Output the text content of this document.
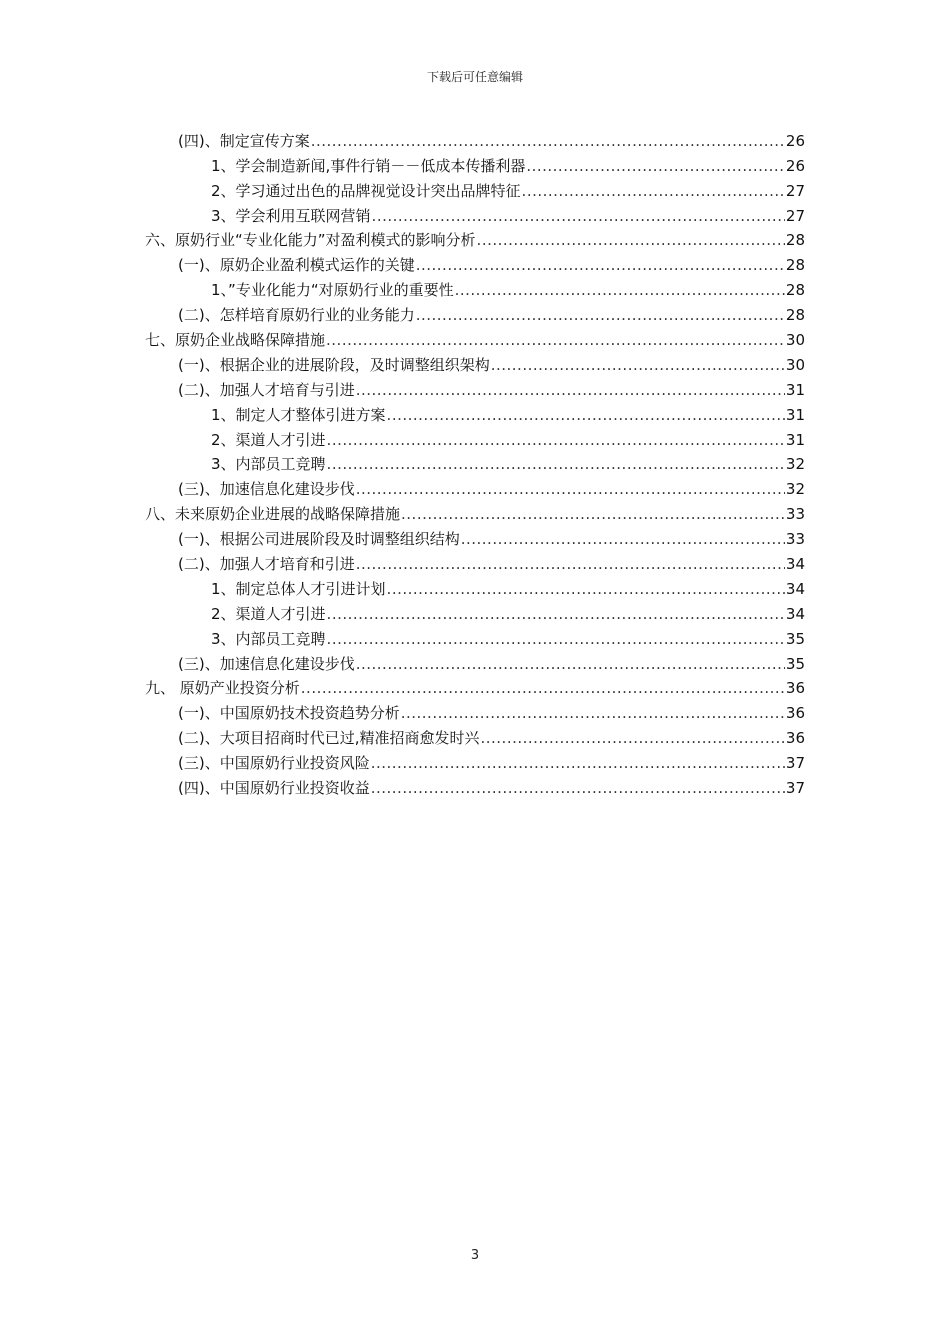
下载后可任意编辑
(四)、制定宣传方案 .....	26
1、学会制造新闻,事件行销－－低成本传播利器 .....	26
2、学习通过出色的品牌视觉设计突出品牌特征 .....	27
3、学会利用互联网营销 .....	27
六、原奶行业“专业化能力”对盈利模式的影响分析 .....	28
(一)、原奶企业盈利模式运作的关键 .....	28
1、”专业化能力“对原奶行业的重要性 .....	28
(二)、怎样培育原奶行业的业务能力 .....	28
七、原奶企业战略保障措施 .....	30
(一)、根据企业的进展阶段，及时调整组织架构 .....	30
(二)、加强人才培育与引进 .....	31
1、制定人才整体引进方案 .....	31
2、渠道人才引进 .....	31
3、内部员工竞聘 .....	32
(三)、加速信息化建设步伐 .....	32
八、未来原奶企业进展的战略保障措施 .....	33
(一)、根据公司进展阶段及时调整组织结构 .....	33
(二)、加强人才培育和引进 .....	34
1、制定总体人才引进计划 .....	34
2、渠道人才引进 .....	34
3、内部员工竞聘 .....	35
(三)、加速信息化建设步伐 .....	35
九、 原奶产业投资分析 .....	36
(一)、中国原奶技术投资趋势分析 .....	36
(二)、大项目招商时代已过,精准招商愈发时兴 .....	36
(三)、中国原奶行业投资风险 .....	37
(四)、中国原奶行业投资收益 .....	37
3
